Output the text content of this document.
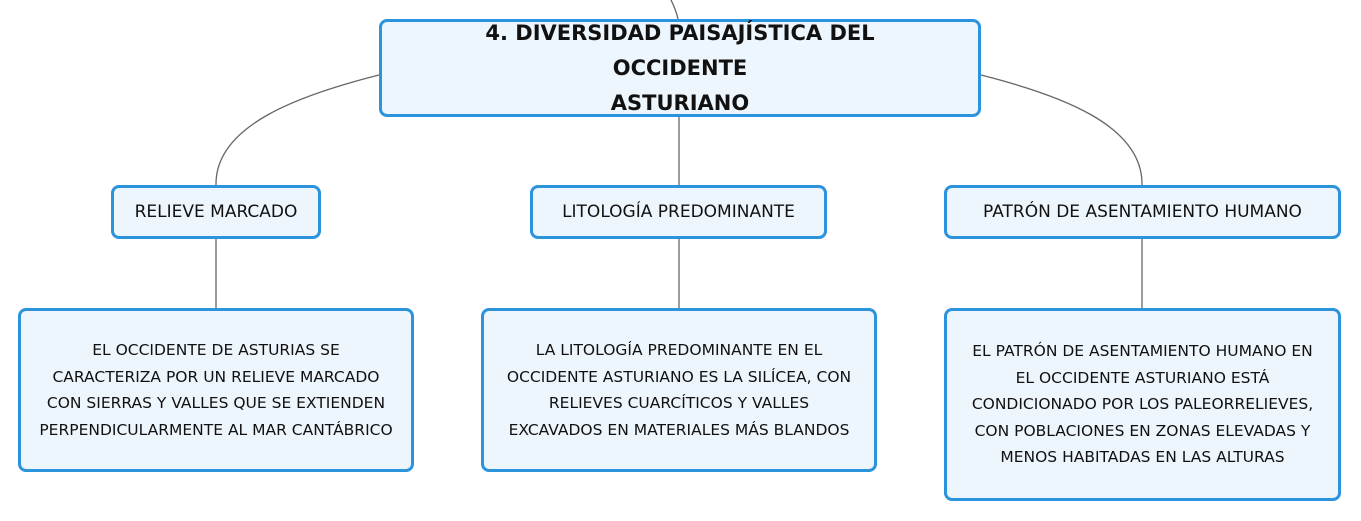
4. DIVERSIDAD PAISAJÍSTICA DEL OCCIDENTE
ASTURIANO
RELIEVE MARCADO	LITOLOGÍA PREDOMINANTE	PATRÓN DE ASENTAMIENTO HUMANO
EL OCCIDENTE DE ASTURIAS SE
CARACTERIZA POR UN RELIEVE MARCADO
CON SIERRAS Y VALLES QUE SE EXTIENDEN
PERPENDICULARMENTE AL MAR CANTÁBRICO
LA LITOLOGÍA PREDOMINANTE EN EL
OCCIDENTE ASTURIANO ES LA SILÍCEA, CON
RELIEVES CUARCÍTICOS Y VALLES
EXCAVADOS EN MATERIALES MÁS BLANDOS
EL PATRÓN DE ASENTAMIENTO HUMANO EN
EL OCCIDENTE ASTURIANO ESTÁ
CONDICIONADO POR LOS PALEORRELIEVES,
CON POBLACIONES EN ZONAS ELEVADAS Y
MENOS HABITADAS EN LAS ALTURAS
